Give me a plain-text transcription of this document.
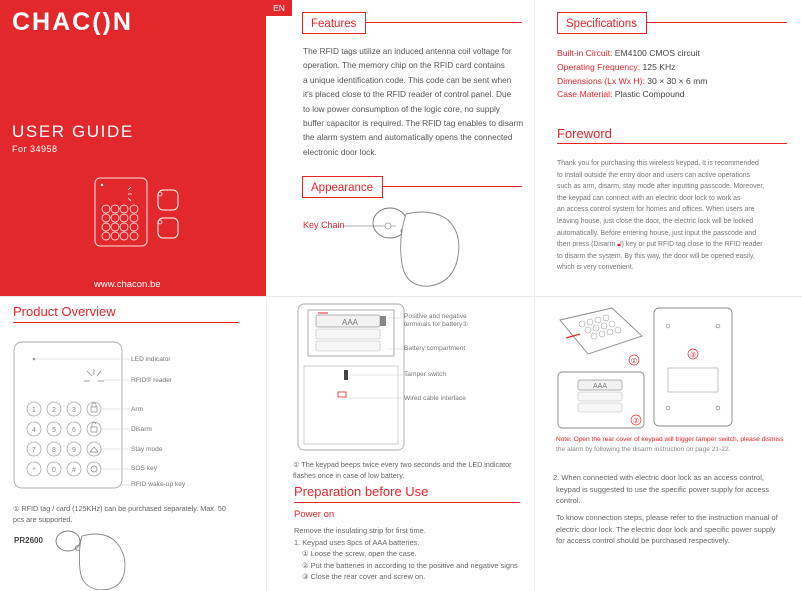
CHAC()N
USER GUIDE
For 34958
www.chacon.be
EN
Features
The RFID tags utilize an induced antenna coil voltage for
operation. The memory chip on the RFID card contains
a unique identification code. This code can be sent when
it's placed close to the RFID reader of control panel. Due
to low power consumption of the logic core, no supply
buffer capacitor is required. The RFID tag enables to disarm
the alarm system and automatically opens the connected
electronic door lock.
Appearance
Key Chain
Specifications
Built-in Circuit: EM4100 CMOS circuit
Operating Frequency: 125 KHz
Dimensions (Lx Wx H): 30 × 30 × 6 mm
Case Material: Plastic Compound
Foreword
Thank you for purchasing this wireless keypad. It is recommended
to install outside the entry door and users can active operations
such as arm, disarm, stay mode after inputting passcode. Moreover,
the keypad can connect with an electric door lock to work as
an access control system for homes and offices. When users are
leaving house, just close the door, the electric lock will be locked
automatically. Before entering house, just input the passcode and
then press (Disarm 🔓︎) key or put RFID tag close to the RFID reader
to disarm the system. By this way, the door will be opened easily,
which is very convenient.
Product Overview
1 2 3
4 5 6
7 8 9
* 0 #
LED indicator
RFID® reader
Arm
Disarm
Stay mode
SOS key
RFID wake-up key
① RFID tag / card (125KHz) can be purchased separately. Max. 50
pcs are supported.
PR2600
AAA
Positive and negative
terminals for battery①
Battery compartment
Tamper switch
Wired cable interface
① The keypad beeps twice every two seconds and the LED indicator
flashes once in case of low battery.
Preparation before Use
Power on
Remove the insulating strip for first time.
1. Keypad uses 3pcs of AAA batteries.
① Loose the screw, open the case.
② Put the batteries in according to the positive and negative signs
③ Close the rear cover and screw on.
①
AAA
②
③
Note: Open the rear cover of keypad will trigger tamper switch, please dismiss
the alarm by following the disarm instruction on page 21-22.
2. When connected with electric door lock as an access control,
keypad is suggested to use the specific power supply for access
control.
To know connection steps, please refer to the instruction manual of
electric door lock. The electric door lock and specific power supply
for access control should be purchased respectively.
